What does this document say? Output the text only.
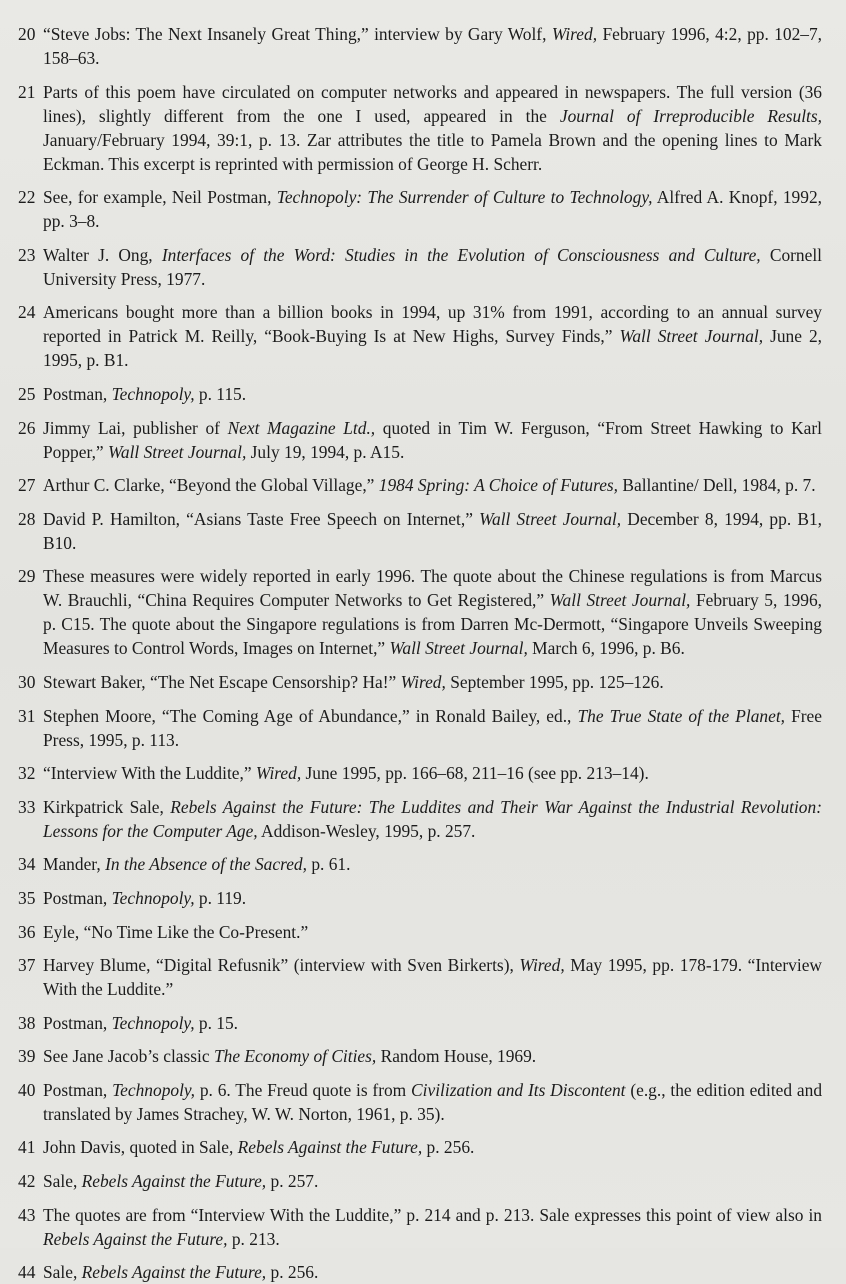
20 “Steve Jobs: The Next Insanely Great Thing,” interview by Gary Wolf, Wired, February 1996, 4:2, pp. 102–7, 158–63.
21 Parts of this poem have circulated on computer networks and appeared in newspapers. The full version (36 lines), slightly different from the one I used, appeared in the Journal of Irreproducible Results, January/February 1994, 39:1, p. 13. Zar attributes the title to Pamela Brown and the opening lines to Mark Eckman. This excerpt is reprinted with permission of George H. Scherr.
22 See, for example, Neil Postman, Technopoly: The Surrender of Culture to Technology, Alfred A. Knopf, 1992, pp. 3–8.
23 Walter J. Ong, Interfaces of the Word: Studies in the Evolution of Consciousness and Culture, Cornell University Press, 1977.
24 Americans bought more than a billion books in 1994, up 31% from 1991, according to an annual survey reported in Patrick M. Reilly, “Book-Buying Is at New Highs, Survey Finds,” Wall Street Journal, June 2, 1995, p. B1.
25 Postman, Technopoly, p. 115.
26 Jimmy Lai, publisher of Next Magazine Ltd., quoted in Tim W. Ferguson, “From Street Hawking to Karl Popper,” Wall Street Journal, July 19, 1994, p. A15.
27 Arthur C. Clarke, “Beyond the Global Village,” 1984 Spring: A Choice of Futures, Ballantine/ Dell, 1984, p. 7.
28 David P. Hamilton, “Asians Taste Free Speech on Internet,” Wall Street Journal, December 8, 1994, pp. B1, B10.
29 These measures were widely reported in early 1996. The quote about the Chinese regulations is from Marcus W. Brauchli, “China Requires Computer Networks to Get Registered,” Wall Street Journal, February 5, 1996, p. C15. The quote about the Singapore regulations is from Darren Mc-Dermott, “Singapore Unveils Sweeping Measures to Control Words, Images on Internet,” Wall Street Journal, March 6, 1996, p. B6.
30 Stewart Baker, “The Net Escape Censorship? Ha!” Wired, September 1995, pp. 125–126.
31 Stephen Moore, “The Coming Age of Abundance,” in Ronald Bailey, ed., The True State of the Planet, Free Press, 1995, p. 113.
32 “Interview With the Luddite,” Wired, June 1995, pp. 166–68, 211–16 (see pp. 213–14).
33 Kirkpatrick Sale, Rebels Against the Future: The Luddites and Their War Against the Industrial Revolution: Lessons for the Computer Age, Addison-Wesley, 1995, p. 257.
34 Mander, In the Absence of the Sacred, p. 61.
35 Postman, Technopoly, p. 119.
36 Eyle, “No Time Like the Co-Present.”
37 Harvey Blume, “Digital Refusnik” (interview with Sven Birkerts), Wired, May 1995, pp. 178-179. “Interview With the Luddite.”
38 Postman, Technopoly, p. 15.
39 See Jane Jacob’s classic The Economy of Cities, Random House, 1969.
40 Postman, Technopoly, p. 6. The Freud quote is from Civilization and Its Discontent (e.g., the edition edited and translated by James Strachey, W. W. Norton, 1961, p. 35).
41 John Davis, quoted in Sale, Rebels Against the Future, p. 256.
42 Sale, Rebels Against the Future, p. 257.
43 The quotes are from “Interview With the Luddite,” p. 214 and p. 213. Sale expresses this point of view also in Rebels Against the Future, p. 213.
44 Sale, Rebels Against the Future, p. 256.
